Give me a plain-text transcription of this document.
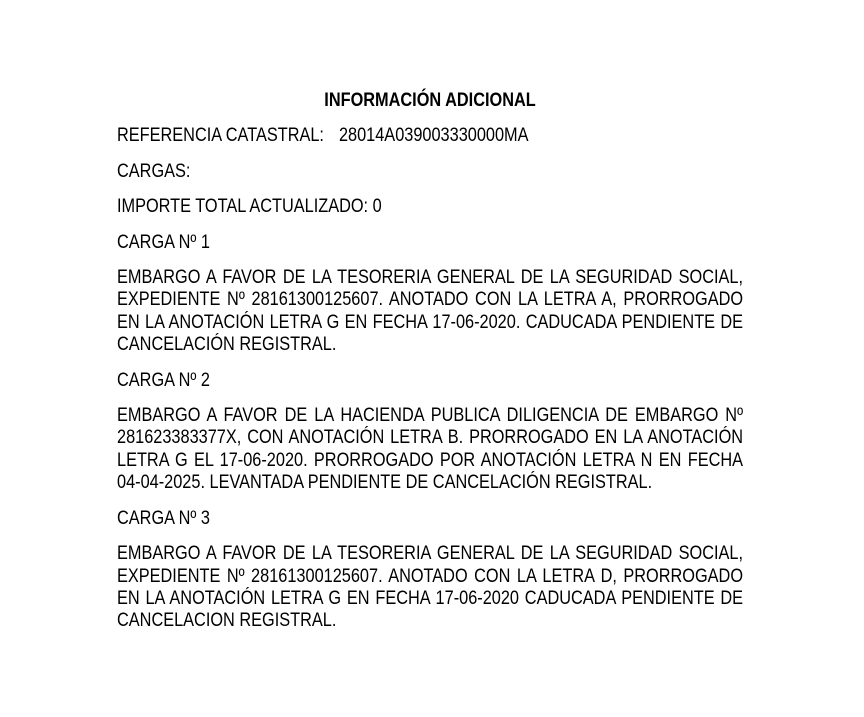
INFORMACIÓN ADICIONAL

REFERENCIA CATASTRAL: 28014A039003330000MA

CARGAS:

IMPORTE TOTAL ACTUALIZADO: 0

CARGA Nº 1

EMBARGO A FAVOR DE LA TESORERIA GENERAL DE LA SEGURIDAD SOCIAL, EXPEDIENTE Nº 28161300125607. ANOTADO CON LA LETRA A, PRORROGADO EN LA ANOTACIÓN LETRA G EN FECHA 17-06-2020. CADUCADA PENDIENTE DE CANCELACIÓN REGISTRAL.

CARGA Nº 2

EMBARGO A FAVOR DE LA HACIENDA PUBLICA DILIGENCIA DE EMBARGO Nº 281623383377X, CON ANOTACIÓN LETRA B. PRORROGADO EN LA ANOTACIÓN LETRA G EL 17-06-2020. PRORROGADO POR ANOTACIÓN LETRA N EN FECHA 04-04-2025. LEVANTADA PENDIENTE DE CANCELACIÓN REGISTRAL.

CARGA Nº 3

EMBARGO A FAVOR DE LA TESORERIA GENERAL DE LA SEGURIDAD SOCIAL, EXPEDIENTE Nº 28161300125607. ANOTADO CON LA LETRA D, PRORROGADO EN LA ANOTACIÓN LETRA G EN FECHA 17-06-2020 CADUCADA PENDIENTE DE CANCELACION REGISTRAL.
